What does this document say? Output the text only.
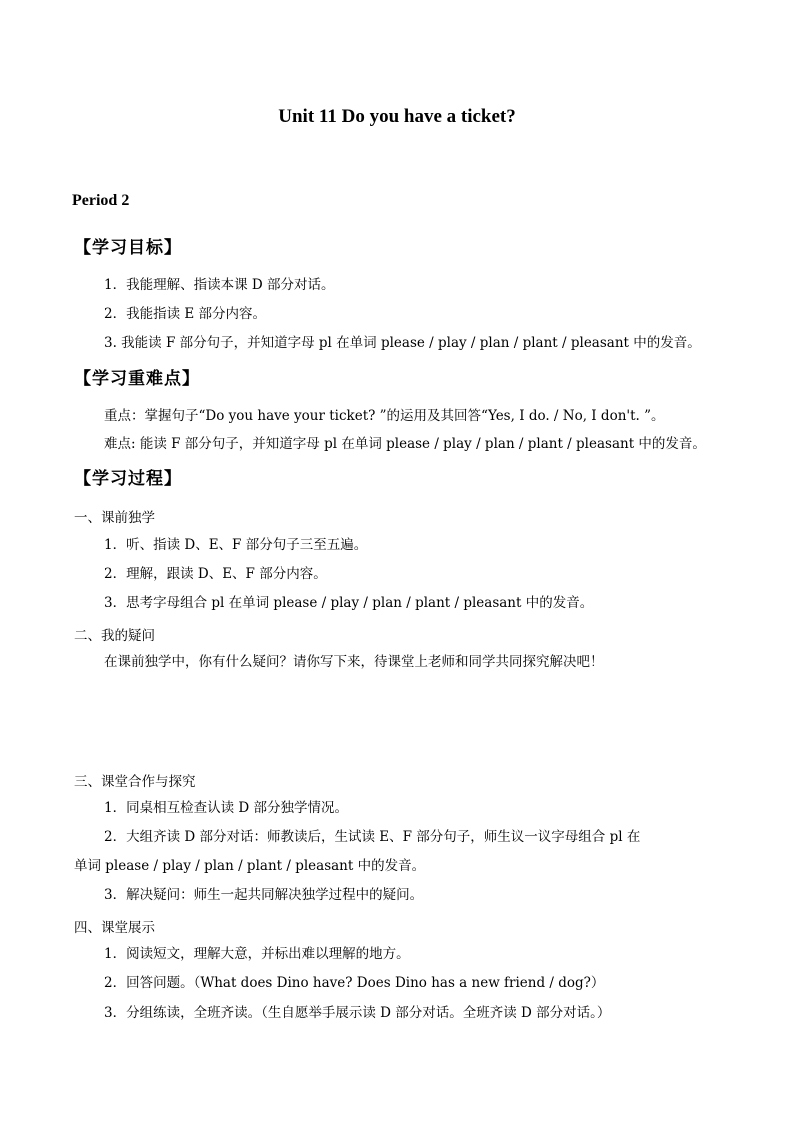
Unit 11 Do you have a ticket?
Period 2
【学习目标】
1．我能理解、指读本课 D 部分对话。
2．我能指读 E 部分内容。
3. 我能读 F 部分句子，并知道字母 pl 在单词 please / play / plan / plant / pleasant 中的发音。
【学习重难点】
重点：掌握句子“Do you have your ticket? ”的运用及其回答“Yes, I do. / No, I don't. ”。
难点: 能读 F 部分句子，并知道字母 pl 在单词 please / play / plan / plant / pleasant 中的发音。
【学习过程】
一、课前独学
1．听、指读 D、E、F 部分句子三至五遍。
2．理解，跟读 D、E、F 部分内容。
3．思考字母组合 pl 在单词 please / play / plan / plant / pleasant 中的发音。
二、我的疑问
在课前独学中，你有什么疑问？请你写下来，待课堂上老师和同学共同探究解决吧！
三、课堂合作与探究
1．同桌相互检查认读 D 部分独学情况。
2．大组齐读 D 部分对话：师教读后，生试读 E、F 部分句子，师生议一议字母组合 pl 在
单词 please / play / plan / plant / pleasant 中的发音。
3．解决疑问：师生一起共同解决独学过程中的疑问。
四、课堂展示
1．阅读短文，理解大意，并标出难以理解的地方。
2．回答问题。（What does Dino have? Does Dino has a new friend / dog?）
3．分组练读，全班齐读。（生自愿举手展示读 D 部分对话。全班齐读 D 部分对话。）
